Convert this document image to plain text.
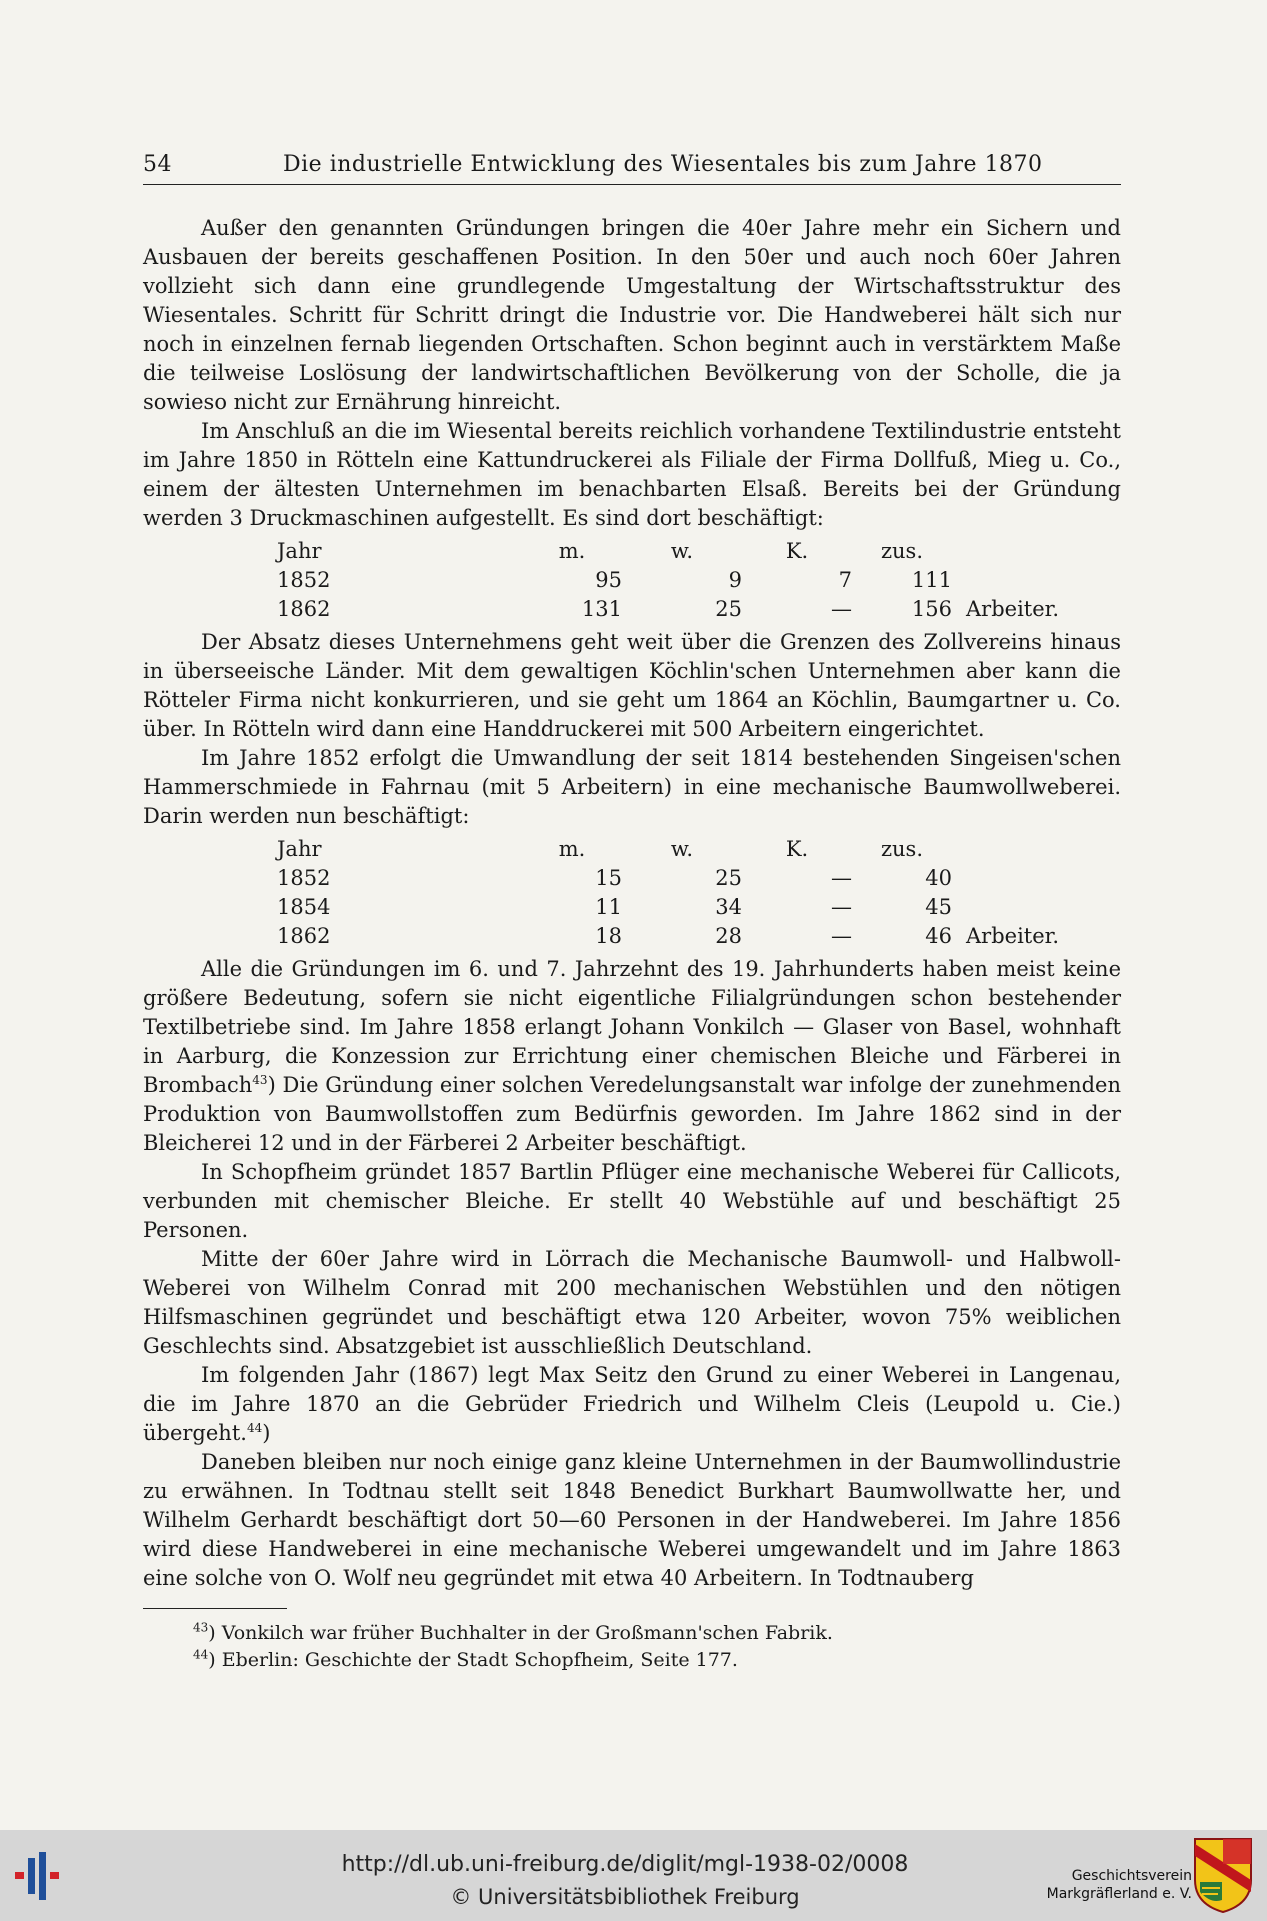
54	Die industrielle Entwicklung des Wiesentales bis zum Jahre 1870

Außer den genannten Gründungen bringen die 40er Jahre mehr ein Sichern und Ausbauen der bereits geschaffenen Position. In den 50er und auch noch 60er Jahren vollzieht sich dann eine grundlegende Umgestaltung der Wirtschaftsstruktur des Wiesentales. Schritt für Schritt dringt die Industrie vor. Die Handweberei hält sich nur noch in einzelnen fernab liegenden Ortschaften. Schon beginnt auch in verstärktem Maße die teilweise Loslösung der landwirtschaftlichen Bevölkerung von der Scholle, die ja sowieso nicht zur Ernährung hinreicht.

Im Anschluß an die im Wiesental bereits reichlich vorhandene Textilindustrie entsteht im Jahre 1850 in Rötteln eine Kattundruckerei als Filiale der Firma Dollfuß, Mieg u. Co., einem der ältesten Unternehmen im benachbarten Elsaß. Bereits bei der Gründung werden 3 Druckmaschinen aufgestellt. Es sind dort beschäftigt:

Jahr	m.	w.	K.	zus.	
1852	95	9	7	111	
1862	131	25	—	156	Arbeiter.

Der Absatz dieses Unternehmens geht weit über die Grenzen des Zollvereins hinaus in überseeische Länder. Mit dem gewaltigen Köchlin'schen Unternehmen aber kann die Rötteler Firma nicht konkurrieren, und sie geht um 1864 an Köchlin, Baumgartner u. Co. über. In Rötteln wird dann eine Handdruckerei mit 500 Arbeitern eingerichtet.

Im Jahre 1852 erfolgt die Umwandlung der seit 1814 bestehenden Singeisen'schen Hammerschmiede in Fahrnau (mit 5 Arbeitern) in eine mechanische Baumwollweberei. Darin werden nun beschäftigt:

Jahr	m.	w.	K.	zus.	
1852	15	25	—	40	
1854	11	34	—	45	
1862	18	28	—	46	Arbeiter.

Alle die Gründungen im 6. und 7. Jahrzehnt des 19. Jahrhunderts haben meist keine größere Bedeutung, sofern sie nicht eigentliche Filialgründungen schon bestehender Textilbetriebe sind. Im Jahre 1858 erlangt Johann Vonkilch — Glaser von Basel, wohnhaft in Aarburg, die Konzession zur Errichtung einer chemischen Bleiche und Färberei in Brombach$^{43}$) Die Gründung einer solchen Veredelungsanstalt war infolge der zunehmenden Produktion von Baumwollstoffen zum Bedürfnis geworden. Im Jahre 1862 sind in der Bleicherei 12 und in der Färberei 2 Arbeiter beschäftigt.

In Schopfheim gründet 1857 Bartlin Pflüger eine mechanische Weberei für Callicots, verbunden mit chemischer Bleiche. Er stellt 40 Webstühle auf und beschäftigt 25 Personen.

Mitte der 60er Jahre wird in Lörrach die Mechanische Baumwoll- und Halbwoll-Weberei von Wilhelm Conrad mit 200 mechanischen Webstühlen und den nötigen Hilfsmaschinen gegründet und beschäftigt etwa 120 Arbeiter, wovon 75% weiblichen Geschlechts sind. Absatzgebiet ist ausschließlich Deutschland.

Im folgenden Jahr (1867) legt Max Seitz den Grund zu einer Weberei in Langenau, die im Jahre 1870 an die Gebrüder Friedrich und Wilhelm Cleis (Leupold u. Cie.) übergeht.$^{44}$)

Daneben bleiben nur noch einige ganz kleine Unternehmen in der Baumwollindustrie zu erwähnen. In Todtnau stellt seit 1848 Benedict Burkhart Baumwollwatte her, und Wilhelm Gerhardt beschäftigt dort 50—60 Personen in der Handweberei. Im Jahre 1856 wird diese Handweberei in eine mechanische Weberei umgewandelt und im Jahre 1863 eine solche von O. Wolf neu gegründet mit etwa 40 Arbeitern. In Todtnauberg

$^{43}$) Vonkilch war früher Buchhalter in der Großmann'schen Fabrik.
$^{44}$) Eberlin: Geschichte der Stadt Schopfheim, Seite 177.
http://dl.ub.uni-freiburg.de/diglit/mgl-1938-02/0008
© Universitätsbibliothek Freiburg
Geschichtsverein
Markgräflerland e. V.
